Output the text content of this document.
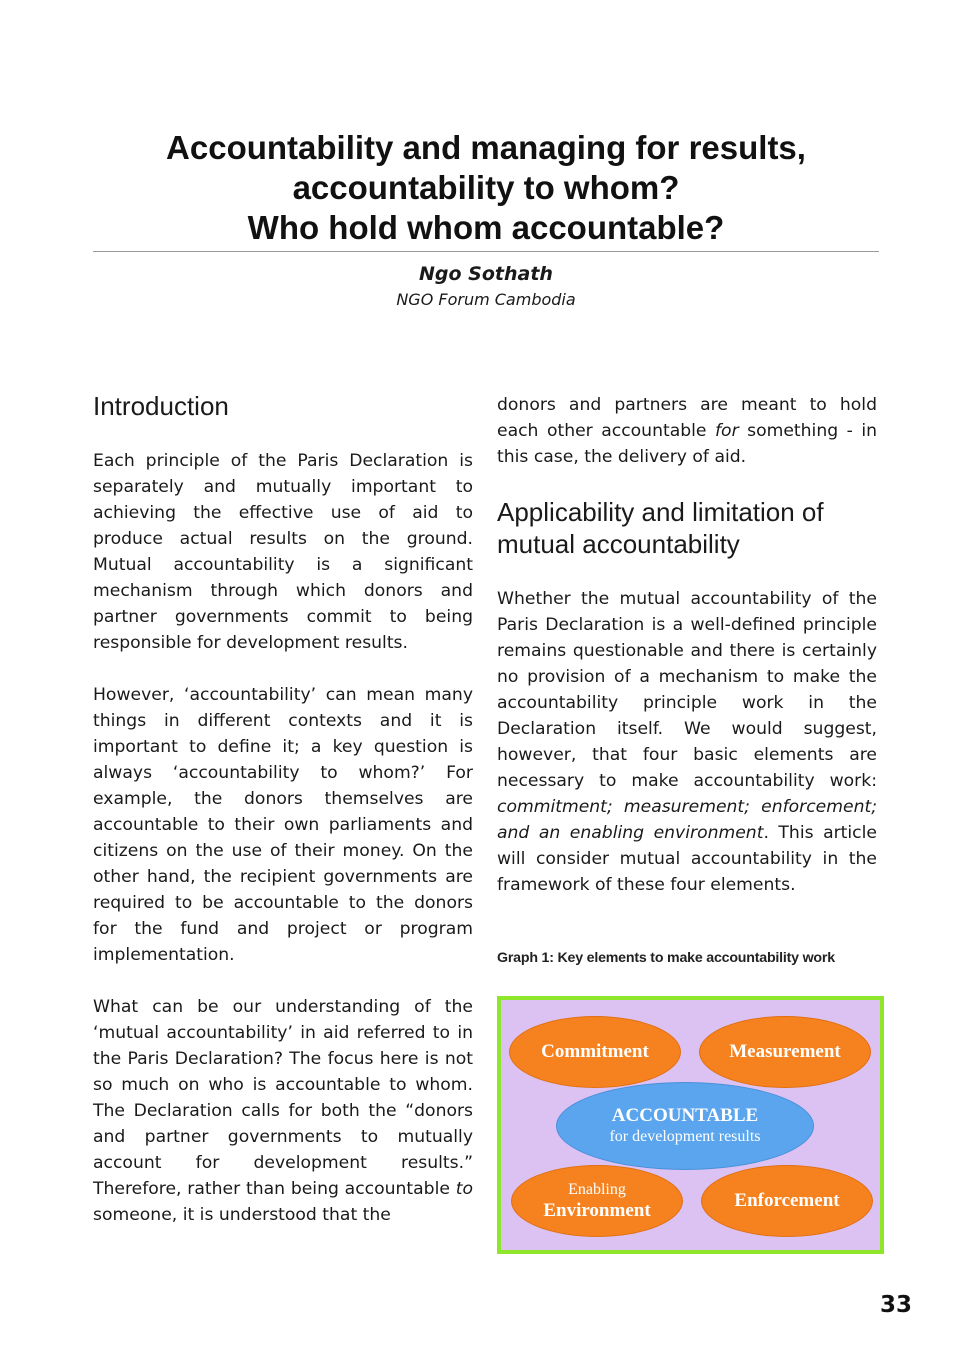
Accountability and managing for results,
accountability to whom?
Who hold whom accountable?
Ngo Sothath
NGO Forum Cambodia
Introduction

Each principle of the Paris Declaration is separately and mutually important to achieving the effective use of aid to produce actual results on the ground. Mutual accountability is a significant mechanism through which donors and partner governments commit to being responsible for development results.

However, ‘accountability’ can mean many things in different contexts and it is important to define it; a key question is always ‘accountability to whom?’ For example, the donors themselves are accountable to their own parliaments and citizens on the use of their money. On the other hand, the recipient governments are required to be accountable to the donors for the fund and project or program implementation.

What can be our understanding of the ‘mutual accountability’ in aid referred to in the Paris Declaration? The focus here is not so much on who is accountable to whom. The Declaration calls for both the “donors and partner governments to mutually account for development results.” Therefore, rather than being accountable to someone, it is understood that the

donors and partners are meant to hold each other accountable for something - in this case, the delivery of aid.

Applicability and limitation of mutual accountability

Whether the mutual accountability of the Paris Declaration is a well-defined principle remains questionable and there is certainly no provision of a mechanism to make the accountability principle work in the Declaration itself. We would suggest, however, that four basic elements are necessary to make accountability work: commitment; measurement; enforcement; and an enabling environment. This article will consider mutual accountability in the framework of these four elements.

Graph 1: Key elements to make accountability work
Commitment	Measurement
ACCOUNTABLE
for development results
Enabling
Environment	Enforcement
33
